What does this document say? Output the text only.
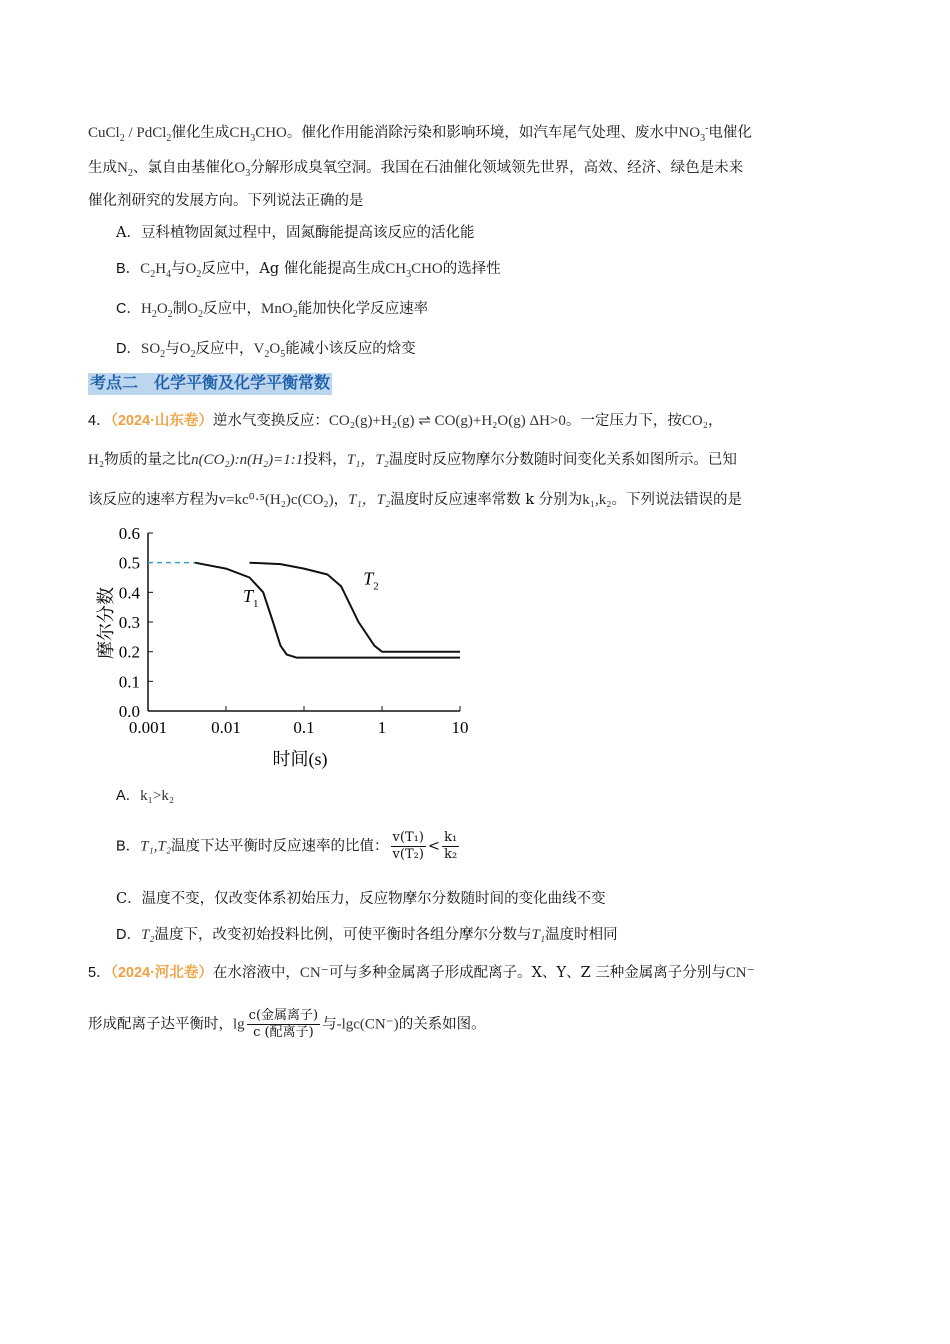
CuCl$_2$ / PdCl$_2$催化生成$CH_3CHO$。催化作用能消除污染和影响环境，如汽车尾气处理、废水中$NO_3^-$电催化
生成$N_2$、氯自由基催化$O_3$分解形成臭氧空洞。我国在石油催化领域领先世界，高效、经济、绿色是未来
催化剂研究的发展方向。下列说法正确的是
A．豆科植物固氮过程中，固氮酶能提高该反应的活化能
B．$C_2H_4$与$O_2$反应中，Ag 催化能提高生成$CH_3CHO$的选择性
C．$H_2O_2$制$O_2$反应中，MnO$_2$能加快化学反应速率
D．$SO_2$与$O_2$反应中，$V_2O_5$能减小该反应的焓变
考点二　化学平衡及化学平衡常数
4．（2024·山东卷）逆水气变换反应：CO₂(g)+H₂(g) ⇌ CO(g)+H₂O(g) ΔH>0。一定压力下，按CO₂，
H₂物质的量之比n(CO₂):n(H₂)=1:1投料，T₁，T₂温度时反应物摩尔分数随时间变化关系如图所示。已知
该反应的速率方程为v=kc⁰·⁵(H₂)c(CO₂)，T₁，T₂温度时反应速率常数 k 分别为k₁,k₂。下列说法错误的是
0.0
0.1
0.2
0.3
0.4
0.5
0.6
0.001	0.01	0.1	1	10
$T_1$
$T_2$
时间(s)
摩尔分数
A．k₁>k₂
B．T₁,T₂温度下达平衡时反应速率的比值： $\frac{\text{v(T₁)}}{\text{v(T₂)}} < \frac{\text{k₁}}{\text{k₂}}$
C．温度不变，仅改变体系初始压力，反应物摩尔分数随时间的变化曲线不变
D．T₂温度下，改变初始投料比例，可使平衡时各组分摩尔分数与T₁温度时相同
5．（2024·河北卷）在水溶液中，CN⁻可与多种金属离子形成配离子。X、Y、Z 三种金属离子分别与CN⁻
形成配离子达平衡时，$\lg \frac{\text{c(金属离子)}}{\text{c (配离子)}}$ 与-lgc(CN⁻)的关系如图。
